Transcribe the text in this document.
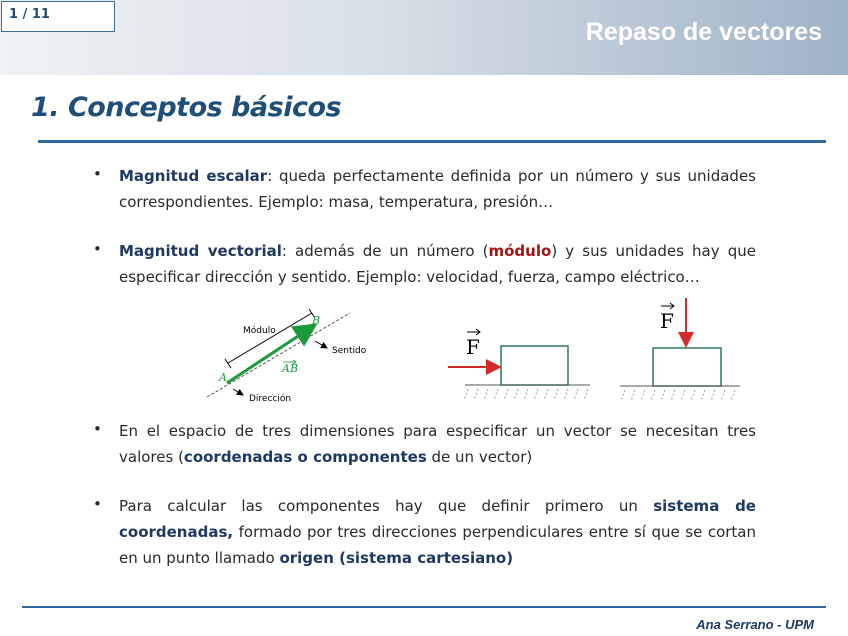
1 / 11
Repaso de vectores
1. Conceptos básicos
• Magnitud escalar: queda perfectamente definida por un número y sus unidades correspondientes. Ejemplo: masa, temperatura, presión…
• Magnitud vectorial: además de un número (módulo) y sus unidades hay que especificar dirección y sentido. Ejemplo: velocidad, fuerza, campo eléctrico…
Módulo
Sentido
Dirección
A
B
AB
F
F
• En el espacio de tres dimensiones para especificar un vector se necesitan tres valores (coordenadas o componentes de un vector)
• Para calcular las componentes hay que definir primero un sistema de coordenadas, formado por tres direcciones perpendiculares entre sí que se cortan en un punto llamado origen (sistema cartesiano)
Ana Serrano - UPM
